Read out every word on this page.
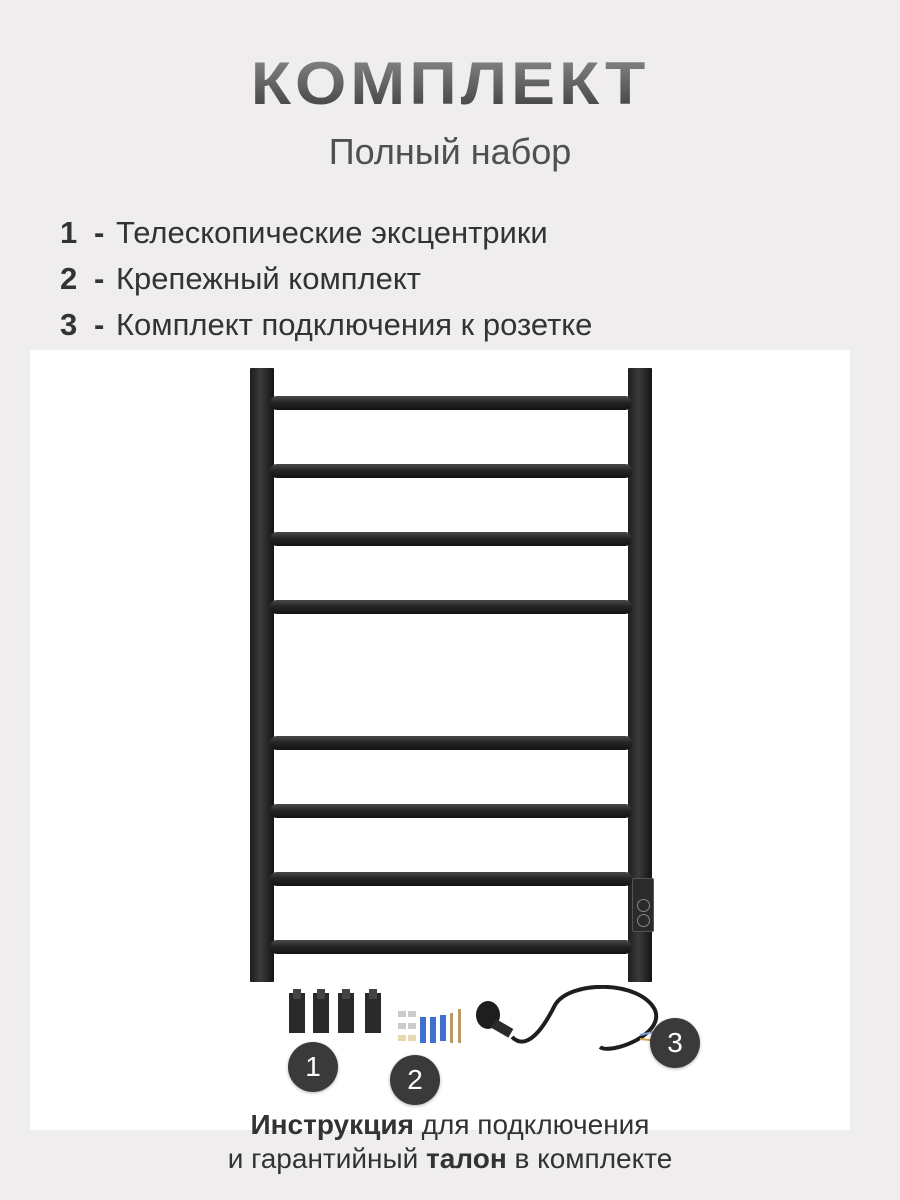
КОМПЛЕКТ
Полный набор
1 - Телескопические эксцентрики
2 - Крепежный комплект
3 - Комплект подключения к розетке
1	2
3
Инструкция для подключения
и гарантийный талон в комплекте
